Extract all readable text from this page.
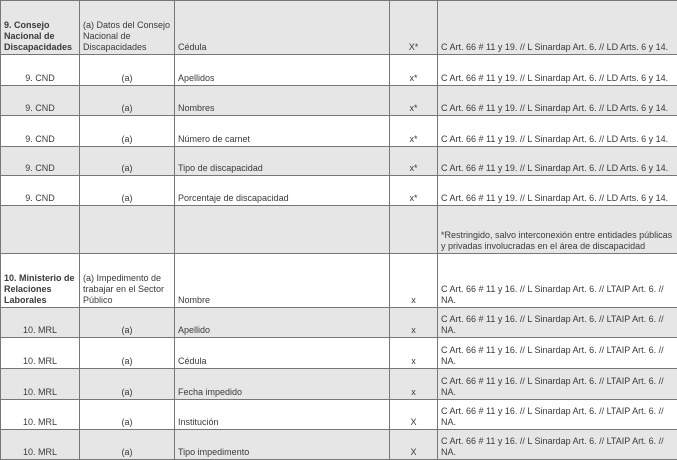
9. Consejo Nacional de Discapacidades	(a) Datos del Consejo Nacional de Discapacidades	Cédula	X*	C Art. 66 # 11 y 19. // L Sinardap Art. 6. // LD Arts. 6 y 14.
9. CND	(a)	Apellidos	x*	C Art. 66 # 11 y 19. // L Sinardap Art. 6. // LD Arts. 6 y 14.
9. CND	(a)	Nombres	x*	C Art. 66 # 11 y 19. // L Sinardap Art. 6. // LD Arts. 6 y 14.
9. CND	(a)	Número de carnet	x*	C Art. 66 # 11 y 19. // L Sinardap Art. 6. // LD Arts. 6 y 14.
9. CND	(a)	Tipo de discapacidad	x*	C Art. 66 # 11 y 19. // L Sinardap Art. 6. // LD Arts. 6 y 14.
9. CND	(a)	Porcentaje de discapacidad	x*	C Art. 66 # 11 y 19. // L Sinardap Art. 6. // LD Arts. 6 y 14.
				*Restringido, salvo interconexión entre entidades públicas y privadas involucradas en el área de discapacidad
10. Ministerio de Relaciones Laborales	(a) Impedimento de trabajar en el Sector Público	Nombre	x	C Art. 66 # 11 y 16. // L Sinardap Art. 6. // LTAIP Art. 6. // NA.
10. MRL	(a)	Apellido	x	C Art. 66 # 11 y 16. // L Sinardap Art. 6. // LTAIP Art. 6. // NA.
10. MRL	(a)	Cédula	x	C Art. 66 # 11 y 16. // L Sinardap Art. 6. // LTAIP Art. 6. // NA.
10. MRL	(a)	Fecha impedido	x	C Art. 66 # 11 y 16. // L Sinardap Art. 6. // LTAIP Art. 6. // NA.
10. MRL	(a)	Institución	X	C Art. 66 # 11 y 16. // L Sinardap Art. 6. // LTAIP Art. 6. // NA.
10. MRL	(a)	Tipo impedimento	X	C Art. 66 # 11 y 16. // L Sinardap Art. 6. // LTAIP Art. 6. // NA.
